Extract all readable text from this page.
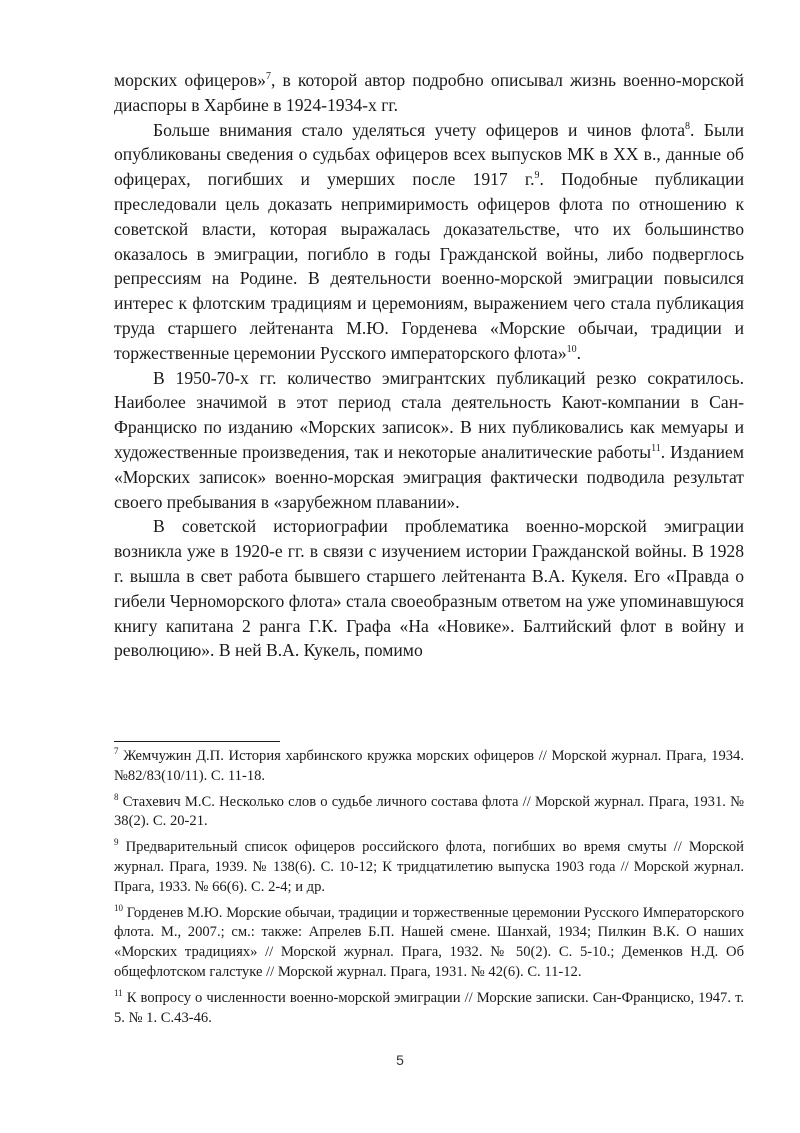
морских офицеров»$^7$, в которой автор подробно описывал жизнь военно-морской диаспоры в Харбине в 1924-1934-х гг.

Больше внимания стало уделяться учету офицеров и чинов флота$^8$. Были опубликованы сведения о судьбах офицеров всех выпусков МК в XX в., данные об офицерах, погибших и умерших после 1917 г.$^9$. Подобные публикации преследовали цель доказать непримиримость офицеров флота по отношению к советской власти, которая выражалась доказательстве, что их большинство оказалось в эмиграции, погибло в годы Гражданской войны, либо подверглось репрессиям на Родине. В деятельности военно-морской эмиграции повысился интерес к флотским традициям и церемониям, выражением чего стала публикация труда старшего лейтенанта М.Ю. Горденева «Морские обычаи, традиции и торжественные церемонии Русского императорского флота»$^{10}$.

В 1950-70-х гг. количество эмигрантских публикаций резко сократилось. Наиболее значимой в этот период стала деятельность Кают-компании в Сан-Франциско по изданию «Морских записок». В них публиковались как мемуары и художественные произведения, так и некоторые аналитические работы$^{11}$. Изданием «Морских записок» военно-морская эмиграция фактически подводила результат своего пребывания в «зарубежном плавании».

В советской историографии проблематика военно-морской эмиграции возникла уже в 1920-е гг. в связи с изучением истории Гражданской войны. В 1928 г. вышла в свет работа бывшего старшего лейтенанта В.А. Кукеля. Его «Правда о гибели Черноморского флота» стала своеобразным ответом на уже упоминавшуюся книгу капитана 2 ранга Г.К. Графа «На «Новике». Балтийский флот в войну и революцию». В ней В.А. Кукель, помимо

$^7$ Жемчужин Д.П. История харбинского кружка морских офицеров // Морской журнал. Прага, 1934. №82/83(10/11). С. 11-18.

$^8$ Стахевич М.С. Несколько слов о судьбе личного состава флота // Морской журнал. Прага, 1931. № 38(2). С. 20-21.

$^9$ Предварительный список офицеров российского флота, погибших во время смуты // Морской журнал. Прага, 1939. № 138(6). С. 10-12; К тридцатилетию выпуска 1903 года // Морской журнал. Прага, 1933. № 66(6). С. 2-4; и др.

$^{10}$ Горденев М.Ю. Морские обычаи, традиции и торжественные церемонии Русского Императорского флота. М., 2007.; см.: также: Апрелев Б.П. Нашей смене. Шанхай, 1934; Пилкин В.К. О наших «Морских традициях» // Морской журнал. Прага, 1932. № 50(2). С. 5-10.; Деменков Н.Д. Об общефлотском галстуке // Морской журнал. Прага, 1931. № 42(6). С. 11-12.

$^{11}$ К вопросу о численности военно-морской эмиграции // Морские записки. Сан-Франциско, 1947. т. 5. № 1. С.43-46.

5
